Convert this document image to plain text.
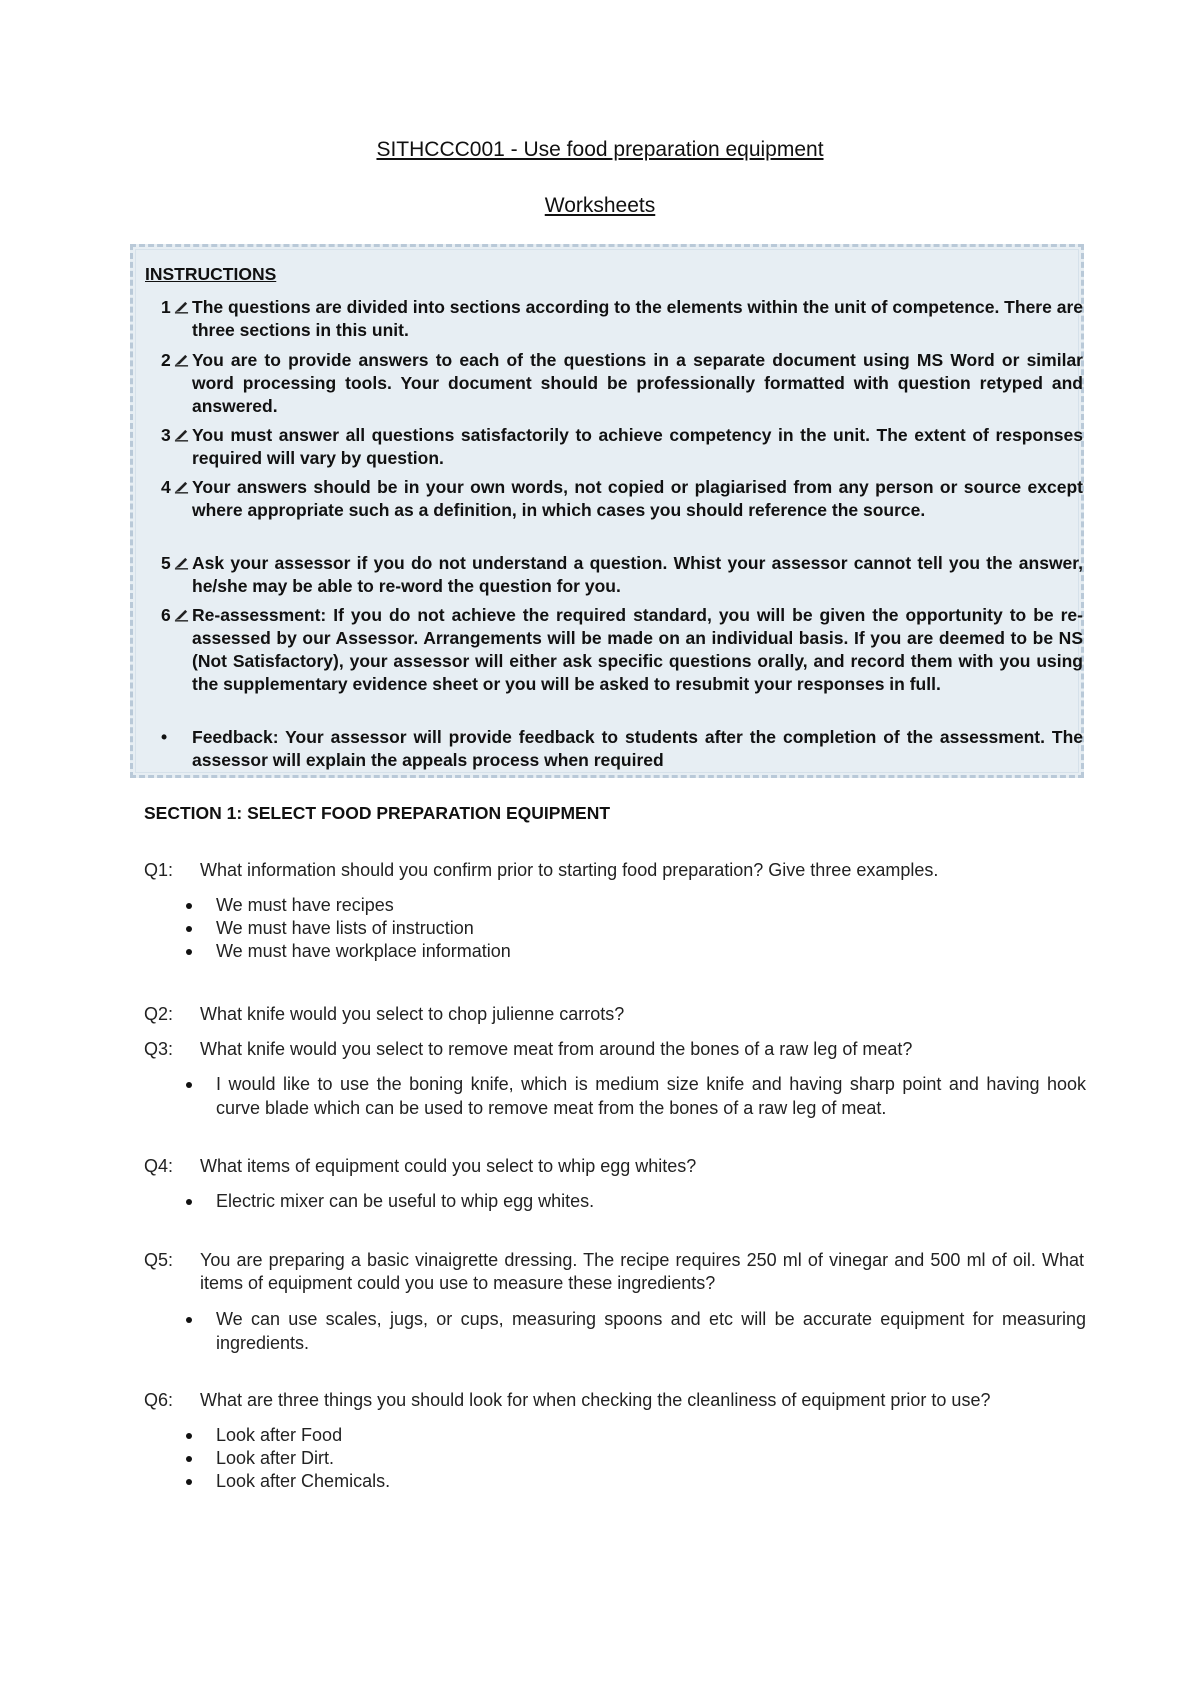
SITHCCC001 - Use food preparation equipment
Worksheets
INSTRUCTIONS
1	The questions are divided into sections according to the elements within the unit of competence. There are three sections in this unit.
2	You are to provide answers to each of the questions in a separate document using MS Word or similar word processing tools. Your document should be professionally formatted with question retyped and answered.
3	You must answer all questions satisfactorily to achieve competency in the unit. The extent of responses required will vary by question.
4	Your answers should be in your own words, not copied or plagiarised from any person or source except where appropriate such as a definition, in which cases you should reference the source.
5	Ask your assessor if you do not understand a question. Whist your assessor cannot tell you the answer, he/she may be able to re-word the question for you.
6	Re-assessment: If you do not achieve the required standard, you will be given the opportunity to be re-assessed by our Assessor. Arrangements will be made on an individual basis. If you are deemed to be NS (Not Satisfactory), your assessor will either ask specific questions orally, and record them with you using the supplementary evidence sheet or you will be asked to resubmit your responses in full.
•	Feedback: Your assessor will provide feedback to students after the completion of the assessment. The assessor will explain the appeals process when required
SECTION 1: SELECT FOOD PREPARATION EQUIPMENT
Q1:	What information should you confirm prior to starting food preparation? Give three examples.
We must have recipes
We must have lists of instruction
We must have workplace information
Q2:	What knife would you select to chop julienne carrots?
Q3:	What knife would you select to remove meat from around the bones of a raw leg of meat?
I would like to use the boning knife, which is medium size knife and having sharp point and having hook curve blade which can be used to remove meat from the bones of a raw leg of meat.
Q4:	What items of equipment could you select to whip egg whites?
Electric mixer can be useful to whip egg whites.
Q5:	You are preparing a basic vinaigrette dressing. The recipe requires 250 ml of vinegar and 500 ml of oil. What items of equipment could you use to measure these ingredients?
We can use scales, jugs, or cups, measuring spoons and etc will be accurate equipment for measuring ingredients.
Q6:	What are three things you should look for when checking the cleanliness of equipment prior to use?
Look after Food
Look after Dirt.
Look after Chemicals.
